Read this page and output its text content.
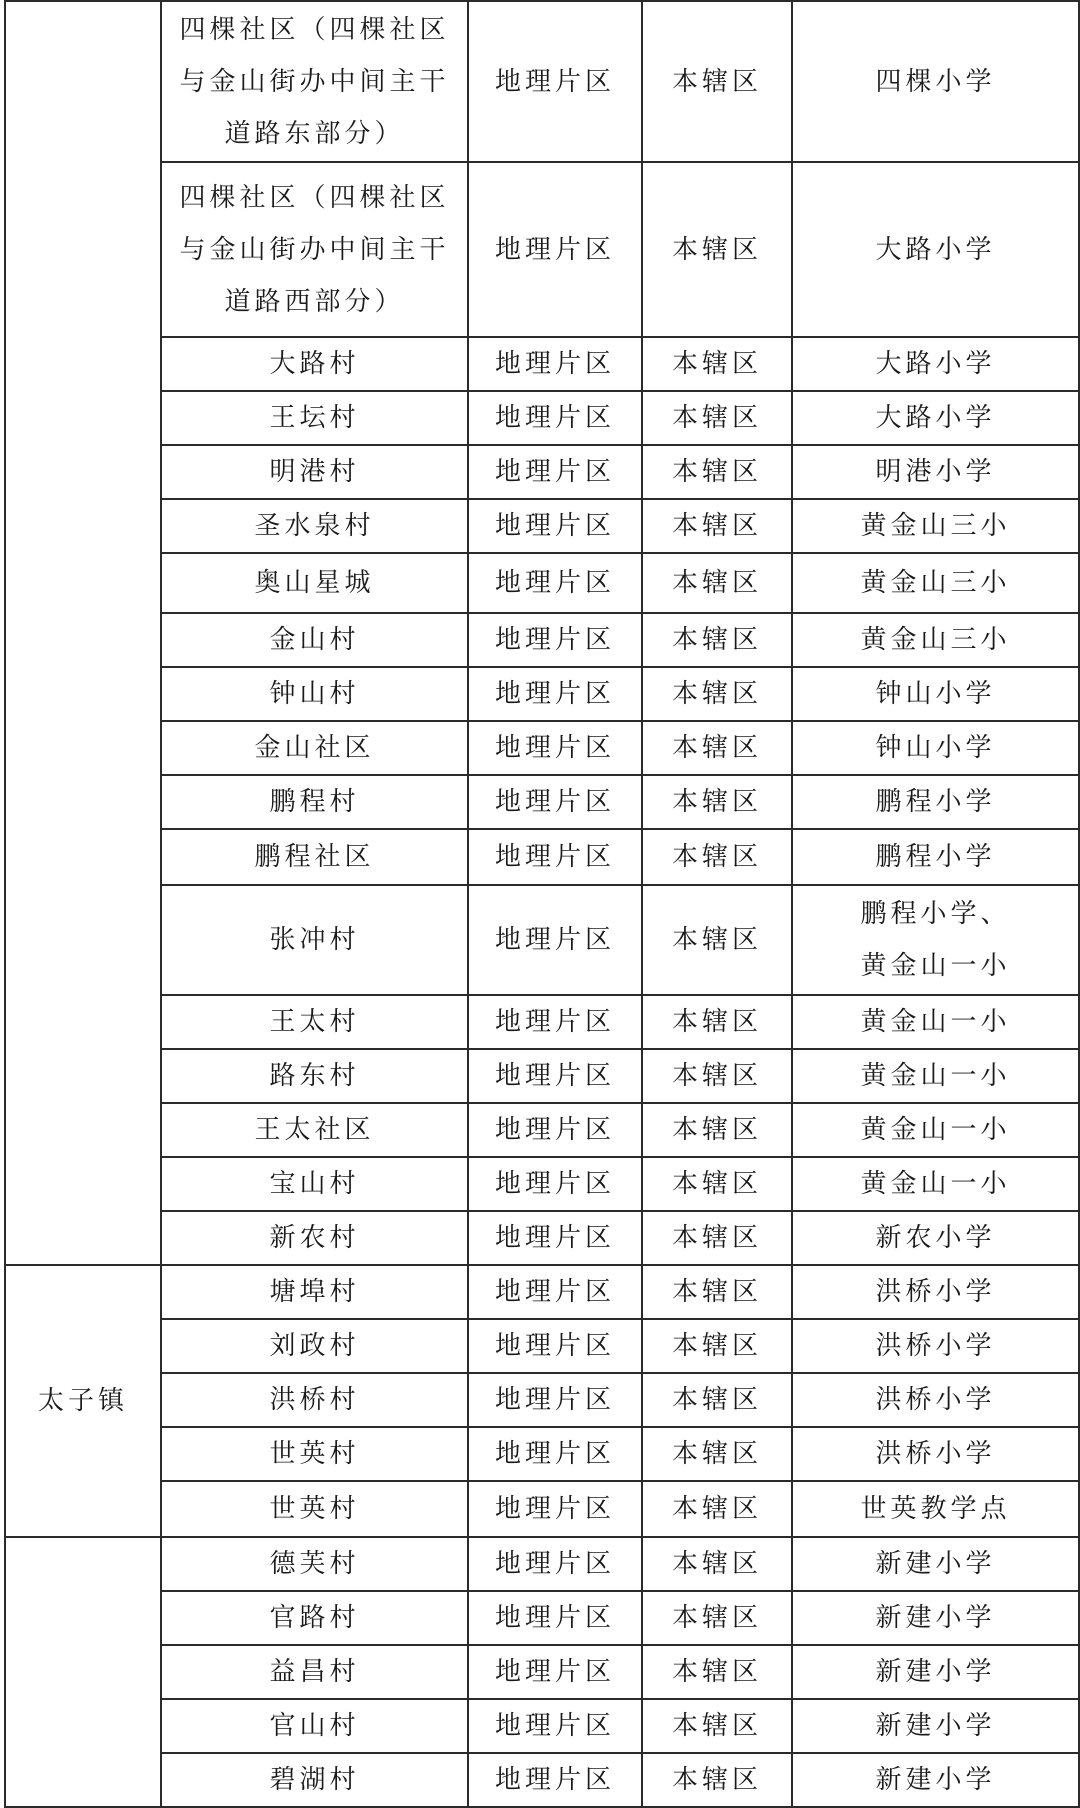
	四棵社区（四棵社区
与金山街办中间主干
道路东部分）	地理片区	本辖区	四棵小学

	四棵社区（四棵社区
与金山街办中间主干
道路西部分）	地理片区	本辖区	大路小学

	大路村	地理片区	本辖区	大路小学

	王坛村	地理片区	本辖区	大路小学

	明港村	地理片区	本辖区	明港小学

	圣水泉村	地理片区	本辖区	黄金山三小

	奥山星城	地理片区	本辖区	黄金山三小

	金山村	地理片区	本辖区	黄金山三小

	钟山村	地理片区	本辖区	钟山小学

	金山社区	地理片区	本辖区	钟山小学

	鹏程村	地理片区	本辖区	鹏程小学

	鹏程社区	地理片区	本辖区	鹏程小学

	张冲村	地理片区	本辖区	鹏程小学、
黄金山一小

	王太村	地理片区	本辖区	黄金山一小

	路东村	地理片区	本辖区	黄金山一小

	王太社区	地理片区	本辖区	黄金山一小

	宝山村	地理片区	本辖区	黄金山一小

	新农村	地理片区	本辖区	新农小学

太子镇	塘埠村	地理片区	本辖区	洪桥小学

	刘政村	地理片区	本辖区	洪桥小学

	洪桥村	地理片区	本辖区	洪桥小学

	世英村	地理片区	本辖区	洪桥小学

	世英村	地理片区	本辖区	世英教学点

	德芙村	地理片区	本辖区	新建小学

	官路村	地理片区	本辖区	新建小学

	益昌村	地理片区	本辖区	新建小学

	官山村	地理片区	本辖区	新建小学

	碧湖村	地理片区	本辖区	新建小学
